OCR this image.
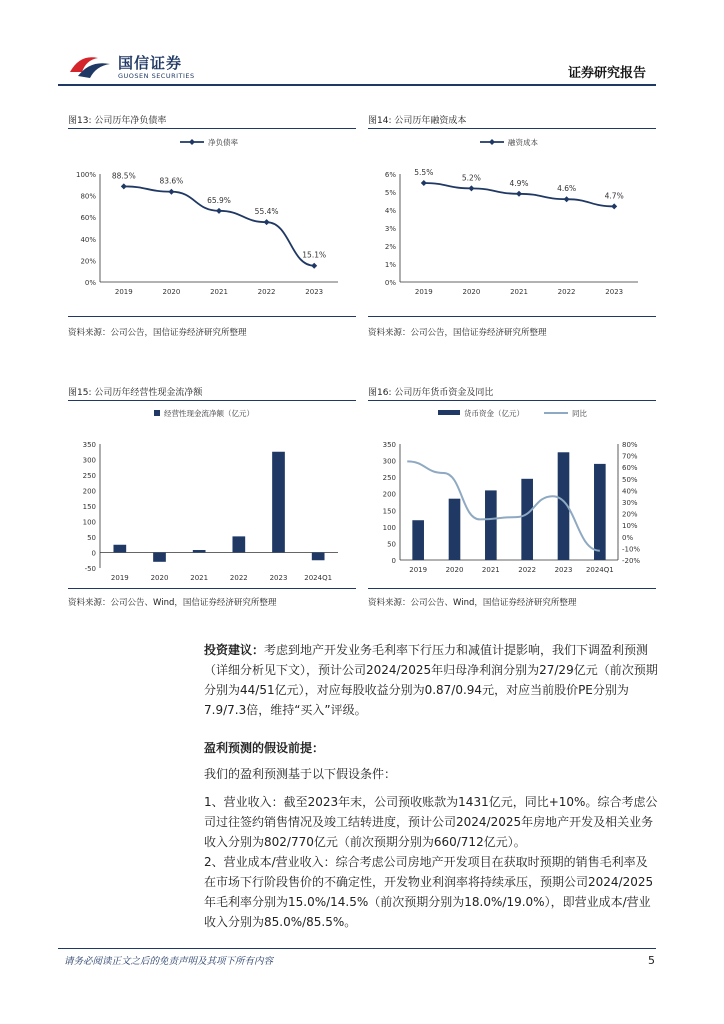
国信证券
GUOSEN SECURITIES	证券研究报告
图13: 公司历年净负债率
0%
20%
40%
60%
80%
100%
2019	2020	2021	2022	2023
88.5%
83.6%
65.9%
55.4%
15.1%
净负债率
资料来源：公司公告，国信证券经济研究所整理
图14: 公司历年融资成本
0%
1%
2%
3%
4%
5%
6%
2019	2020	2021	2022	2023
5.5%
5.2%
4.9%
4.6%
4.7%
融资成本
资料来源：公司公告，国信证券经济研究所整理
图15: 公司历年经营性现金流净额
-50
0
50
100
150
200
250
300
350
2019	2020	2021	2022	2023 2024Q1
经营性现金流净额（亿元）
资料来源：公司公告、Wind，国信证券经济研究所整理
图16: 公司历年货币资金及同比
0
50
100
150
200
250
300
350
-20%
-10%
0%
10%
20%
30%
40%
50%
60%
70%
80%
2019	2020	2021	2022	2023 2024Q1
货币资金（亿元）	同比
资料来源：公司公告、Wind，国信证券经济研究所整理
投资建议：考虑到地产开发业务毛利率下行压力和减值计提影响，我们下调盈利预测（详细分析见下文），预计公司2024/2025年归母净利润分别为27/29亿元（前次预期分别为44/51亿元），对应每股收益分别为0.87/0.94元，对应当前股价PE分别为7.9/7.3倍，维持“买入”评级。
盈利预测的假设前提：
我们的盈利预测基于以下假设条件：
1、营业收入：截至2023年末，公司预收账款为1431亿元，同比+10%。综合考虑公司过往签约销售情况及竣工结转进度，预计公司2024/2025年房地产开发及相关业务收入分别为802/770亿元（前次预期分别为660/712亿元）。
2、营业成本/营业收入：综合考虑公司房地产开发项目在获取时预期的销售毛利率及在市场下行阶段售价的不确定性，开发物业利润率将持续承压，预期公司2024/2025年毛利率分别为15.0%/14.5%（前次预期分别为18.0%/19.0%），即营业成本/营业收入分别为85.0%/85.5%。
请务必阅读正文之后的免责声明及其项下所有内容	5
